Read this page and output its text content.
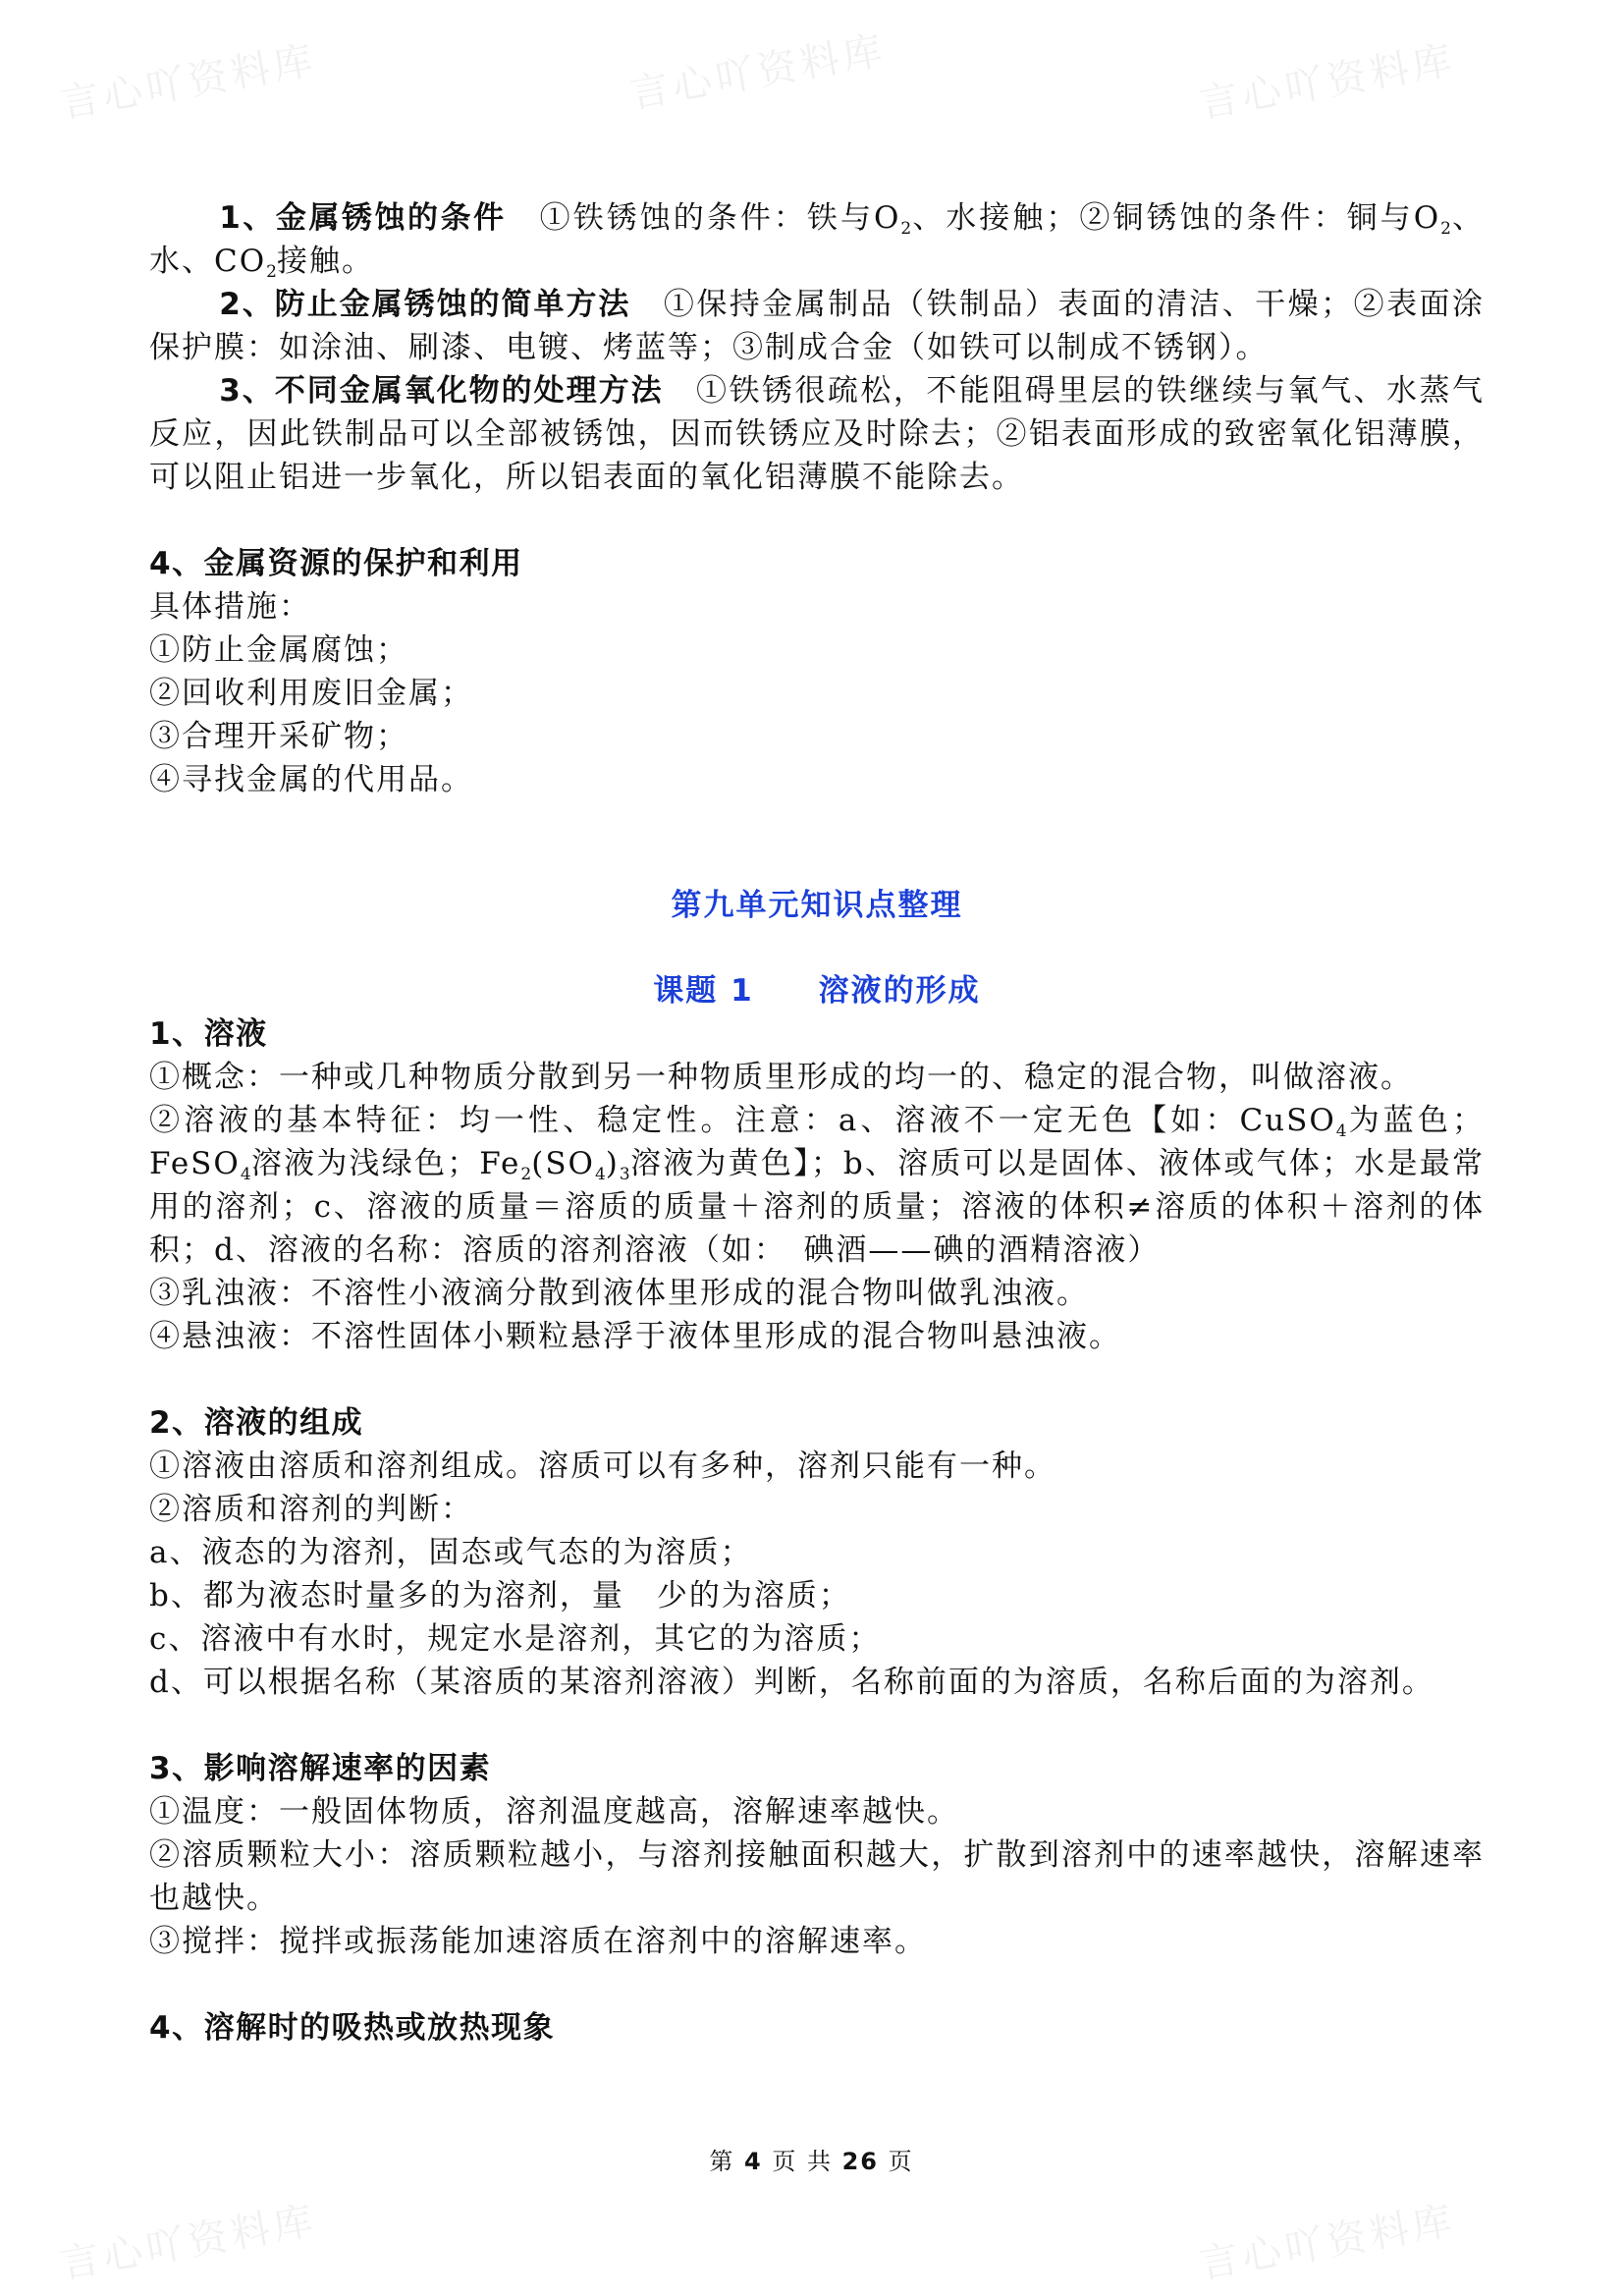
言心吖资料库	言心吖资料库	言心吖资料库
言心吖资料库	言心吖资料库
1、金属锈蚀的条件　①铁锈蚀的条件：铁与$O_2$、水接触；②铜锈蚀的条件：铜与$O_2$、水、$CO_2$接触。
2、防止金属锈蚀的简单方法　①保持金属制品（铁制品）表面的清洁、干燥；②表面涂保护膜：如涂油、刷漆、电镀、烤蓝等；③制成合金（如铁可以制成不锈钢）。
3、不同金属氧化物的处理方法　①铁锈很疏松，不能阻碍里层的铁继续与氧气、水蒸气反应，因此铁制品可以全部被锈蚀，因而铁锈应及时除去；②铝表面形成的致密氧化铝薄膜，可以阻止铝进一步氧化，所以铝表面的氧化铝薄膜不能除去。
4、金属资源的保护和利用
具体措施：
①防止金属腐蚀；
②回收利用废旧金属；
③合理开采矿物；
④寻找金属的代用品。
第九单元知识点整理
课题 1　　溶液的形成
1、溶液
①概念：一种或几种物质分散到另一种物质里形成的均一的、稳定的混合物，叫做溶液。
②溶液的基本特征：均一性、稳定性。注意：a、溶液不一定无色【如：CuSO$_4$为蓝色；FeSO$_4$溶液为浅绿色；$Fe_2(SO_4)_3$溶液为黄色】；b、溶质可以是固体、液体或气体；水是最常用的溶剂；c、溶液的质量＝溶质的质量＋溶剂的质量；溶液的体积≠溶质的体积＋溶剂的体积；d、溶液的名称：溶质的溶剂溶液（如：　碘酒——碘的酒精溶液）
③乳浊液：不溶性小液滴分散到液体里形成的混合物叫做乳浊液。
④悬浊液：不溶性固体小颗粒悬浮于液体里形成的混合物叫悬浊液。
2、溶液的组成
①溶液由溶质和溶剂组成。溶质可以有多种，溶剂只能有一种。
②溶质和溶剂的判断：
a、液态的为溶剂，固态或气态的为溶质；
b、都为液态时量多的为溶剂，量　少的为溶质；
c、溶液中有水时，规定水是溶剂，其它的为溶质；
d、可以根据名称（某溶质的某溶剂溶液）判断，名称前面的为溶质，名称后面的为溶剂。
3、影响溶解速率的因素
①温度：一般固体物质，溶剂温度越高，溶解速率越快。
②溶质颗粒大小：溶质颗粒越小，与溶剂接触面积越大，扩散到溶剂中的速率越快，溶解速率也越快。
③搅拌：搅拌或振荡能加速溶质在溶剂中的溶解速率。
4、溶解时的吸热或放热现象
第 4 页 共 26 页
